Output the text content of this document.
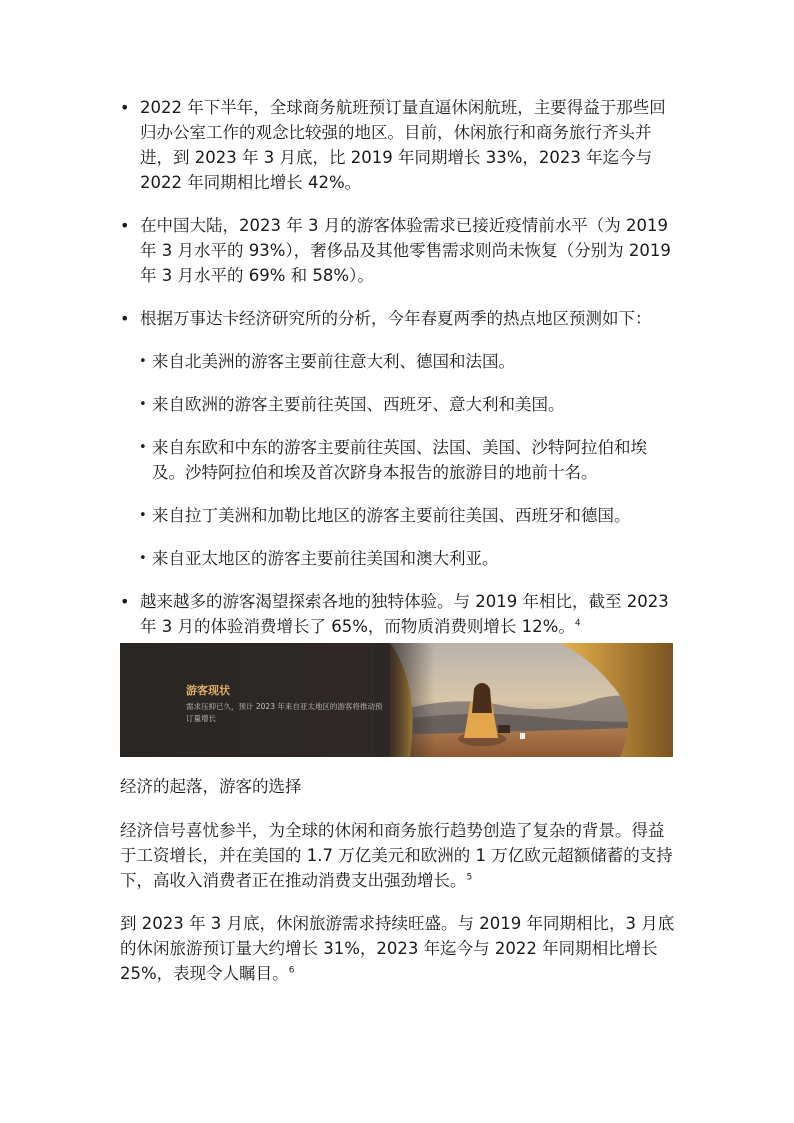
• 2022 年下半年，全球商务航班预订量直逼休闲航班，主要得益于那些回归办公室工作的观念比较强的地区。目前，休闲旅行和商务旅行齐头并进，到 2023 年 3 月底，比 2019 年同期增长 33%，2023 年迄今与 2022 年同期相比增长 42%。
• 在中国大陆，2023 年 3 月的游客体验需求已接近疫情前水平（为 2019 年 3 月水平的 93%），奢侈品及其他零售需求则尚未恢复（分别为 2019 年 3 月水平的 69% 和 58%）。
• 根据万事达卡经济研究所的分析，今年春夏两季的热点地区预测如下：
• 来自北美洲的游客主要前往意大利、德国和法国。
• 来自欧洲的游客主要前往英国、西班牙、意大利和美国。
• 来自东欧和中东的游客主要前往英国、法国、美国、沙特阿拉伯和埃及。沙特阿拉伯和埃及首次跻身本报告的旅游目的地前十名。
• 来自拉丁美洲和加勒比地区的游客主要前往美国、西班牙和德国。
• 来自亚太地区的游客主要前往美国和澳大利亚。
• 越来越多的游客渴望探索各地的独特体验。与 2019 年相比，截至 2023 年 3 月的体验消费增长了 65%，而物质消费则增长 12%。$^4$
游客现状
需求压抑已久，预计 2023 年来自亚太地区的游客将推动预订量增长

经济的起落，游客的选择

经济信号喜忧参半，为全球的休闲和商务旅行趋势创造了复杂的背景。得益于工资增长，并在美国的 1.7 万亿美元和欧洲的 1 万亿欧元超额储蓄的支持下，高收入消费者正在推动消费支出强劲增长。$^5$

到 2023 年 3 月底，休闲旅游需求持续旺盛。与 2019 年同期相比，3 月底的休闲旅游预订量大约增长 31%，2023 年迄今与 2022 年同期相比增长 25%，表现令人瞩目。$^6$
